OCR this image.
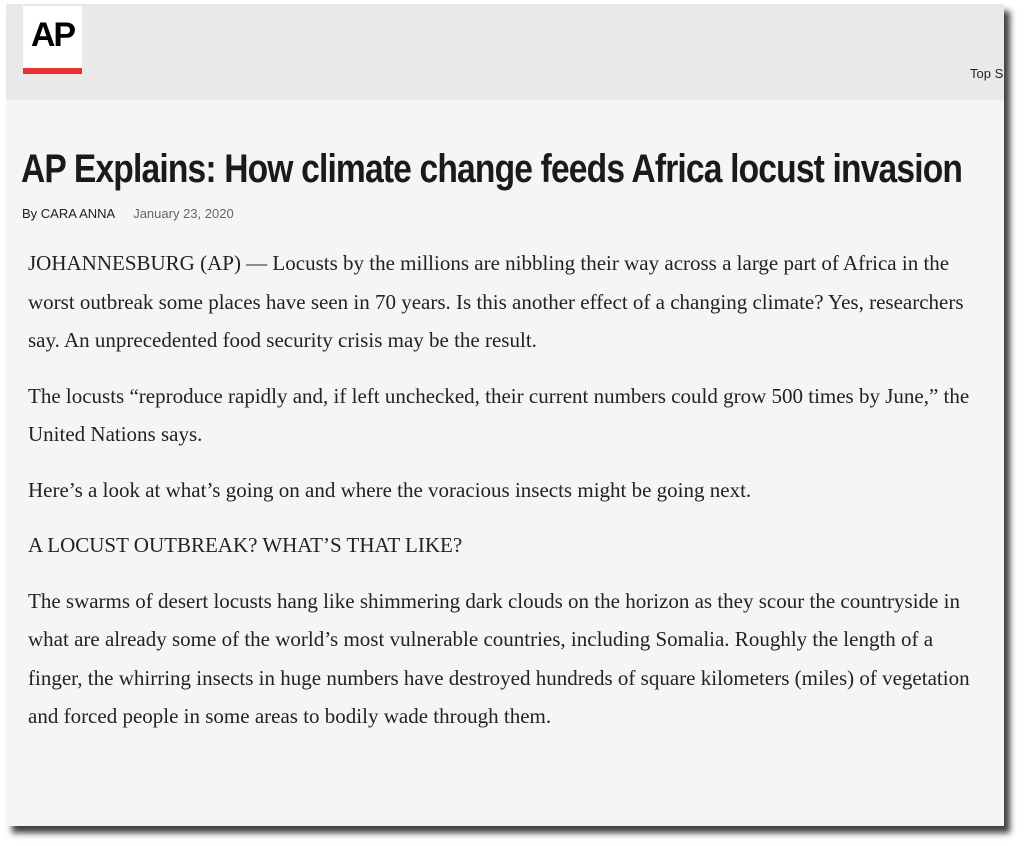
AP
Top S
AP Explains: How climate change feeds Africa locust invasion
By CARA ANNA January 23, 2020

JOHANNESBURG (AP) — Locusts by the millions are nibbling their way across a large part of Africa in the worst outbreak some places have seen in 70 years. Is this another effect of a changing climate? Yes, researchers say. An unprecedented food security crisis may be the result.

The locusts “reproduce rapidly and, if left unchecked, their current numbers could grow 500 times by June,” the United Nations says.

Here’s a look at what’s going on and where the voracious insects might be going next.

A LOCUST OUTBREAK? WHAT’S THAT LIKE?

The swarms of desert locusts hang like shimmering dark clouds on the horizon as they scour the countryside in what are already some of the world’s most vulnerable countries, including Somalia. Roughly the length of a finger, the whirring insects in huge numbers have destroyed hundreds of square kilometers (miles) of vegetation and forced people in some areas to bodily wade through them.
